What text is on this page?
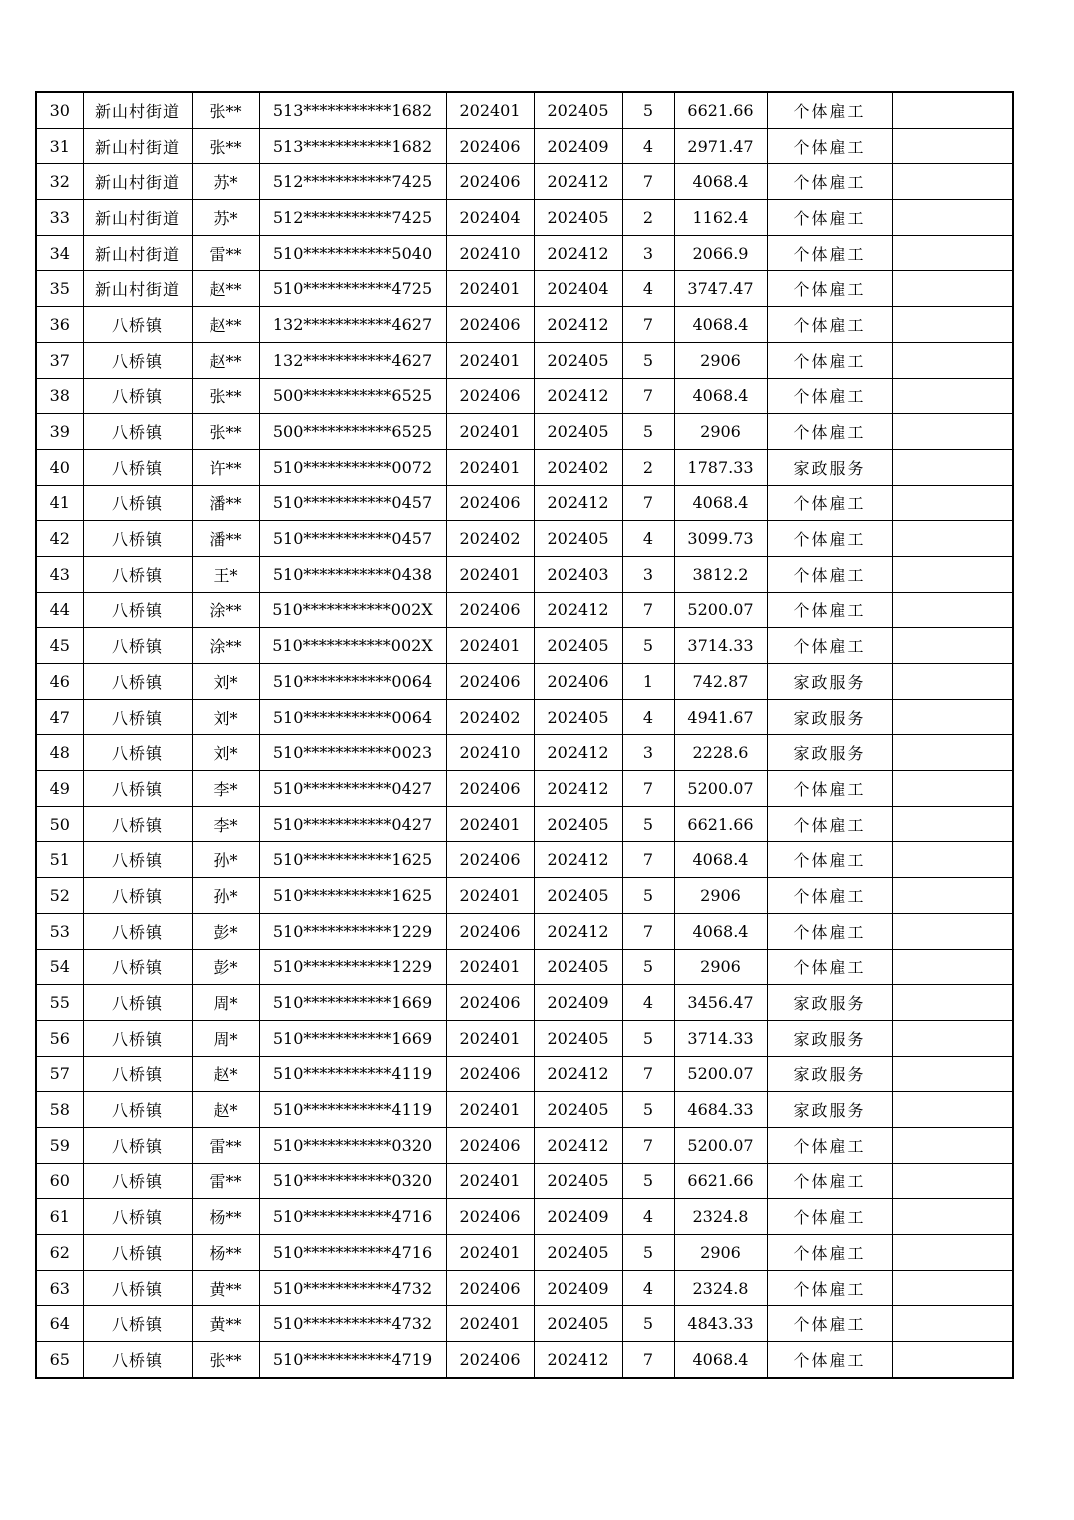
30	新山村街道	张**	513***********1682	202401	202405	5	6621.66	个体雇工	
31	新山村街道	张**	513***********1682	202406	202409	4	2971.47	个体雇工	
32	新山村街道	苏*	512***********7425	202406	202412	7	4068.4	个体雇工	
33	新山村街道	苏*	512***********7425	202404	202405	2	1162.4	个体雇工	
34	新山村街道	雷**	510***********5040	202410	202412	3	2066.9	个体雇工	
35	新山村街道	赵**	510***********4725	202401	202404	4	3747.47	个体雇工	
36	八桥镇	赵**	132***********4627	202406	202412	7	4068.4	个体雇工	
37	八桥镇	赵**	132***********4627	202401	202405	5	2906	个体雇工	
38	八桥镇	张**	500***********6525	202406	202412	7	4068.4	个体雇工	
39	八桥镇	张**	500***********6525	202401	202405	5	2906	个体雇工	
40	八桥镇	许**	510***********0072	202401	202402	2	1787.33	家政服务	
41	八桥镇	潘**	510***********0457	202406	202412	7	4068.4	个体雇工	
42	八桥镇	潘**	510***********0457	202402	202405	4	3099.73	个体雇工	
43	八桥镇	王*	510***********0438	202401	202403	3	3812.2	个体雇工	
44	八桥镇	涂**	510***********002X	202406	202412	7	5200.07	个体雇工	
45	八桥镇	涂**	510***********002X	202401	202405	5	3714.33	个体雇工	
46	八桥镇	刘*	510***********0064	202406	202406	1	742.87	家政服务	
47	八桥镇	刘*	510***********0064	202402	202405	4	4941.67	家政服务	
48	八桥镇	刘*	510***********0023	202410	202412	3	2228.6	家政服务	
49	八桥镇	李*	510***********0427	202406	202412	7	5200.07	个体雇工	
50	八桥镇	李*	510***********0427	202401	202405	5	6621.66	个体雇工	
51	八桥镇	孙*	510***********1625	202406	202412	7	4068.4	个体雇工	
52	八桥镇	孙*	510***********1625	202401	202405	5	2906	个体雇工	
53	八桥镇	彭*	510***********1229	202406	202412	7	4068.4	个体雇工	
54	八桥镇	彭*	510***********1229	202401	202405	5	2906	个体雇工	
55	八桥镇	周*	510***********1669	202406	202409	4	3456.47	家政服务	
56	八桥镇	周*	510***********1669	202401	202405	5	3714.33	家政服务	
57	八桥镇	赵*	510***********4119	202406	202412	7	5200.07	家政服务	
58	八桥镇	赵*	510***********4119	202401	202405	5	4684.33	家政服务	
59	八桥镇	雷**	510***********0320	202406	202412	7	5200.07	个体雇工	
60	八桥镇	雷**	510***********0320	202401	202405	5	6621.66	个体雇工	
61	八桥镇	杨**	510***********4716	202406	202409	4	2324.8	个体雇工	
62	八桥镇	杨**	510***********4716	202401	202405	5	2906	个体雇工	
63	八桥镇	黄**	510***********4732	202406	202409	4	2324.8	个体雇工	
64	八桥镇	黄**	510***********4732	202401	202405	5	4843.33	个体雇工	
65	八桥镇	张**	510***********4719	202406	202412	7	4068.4	个体雇工	
